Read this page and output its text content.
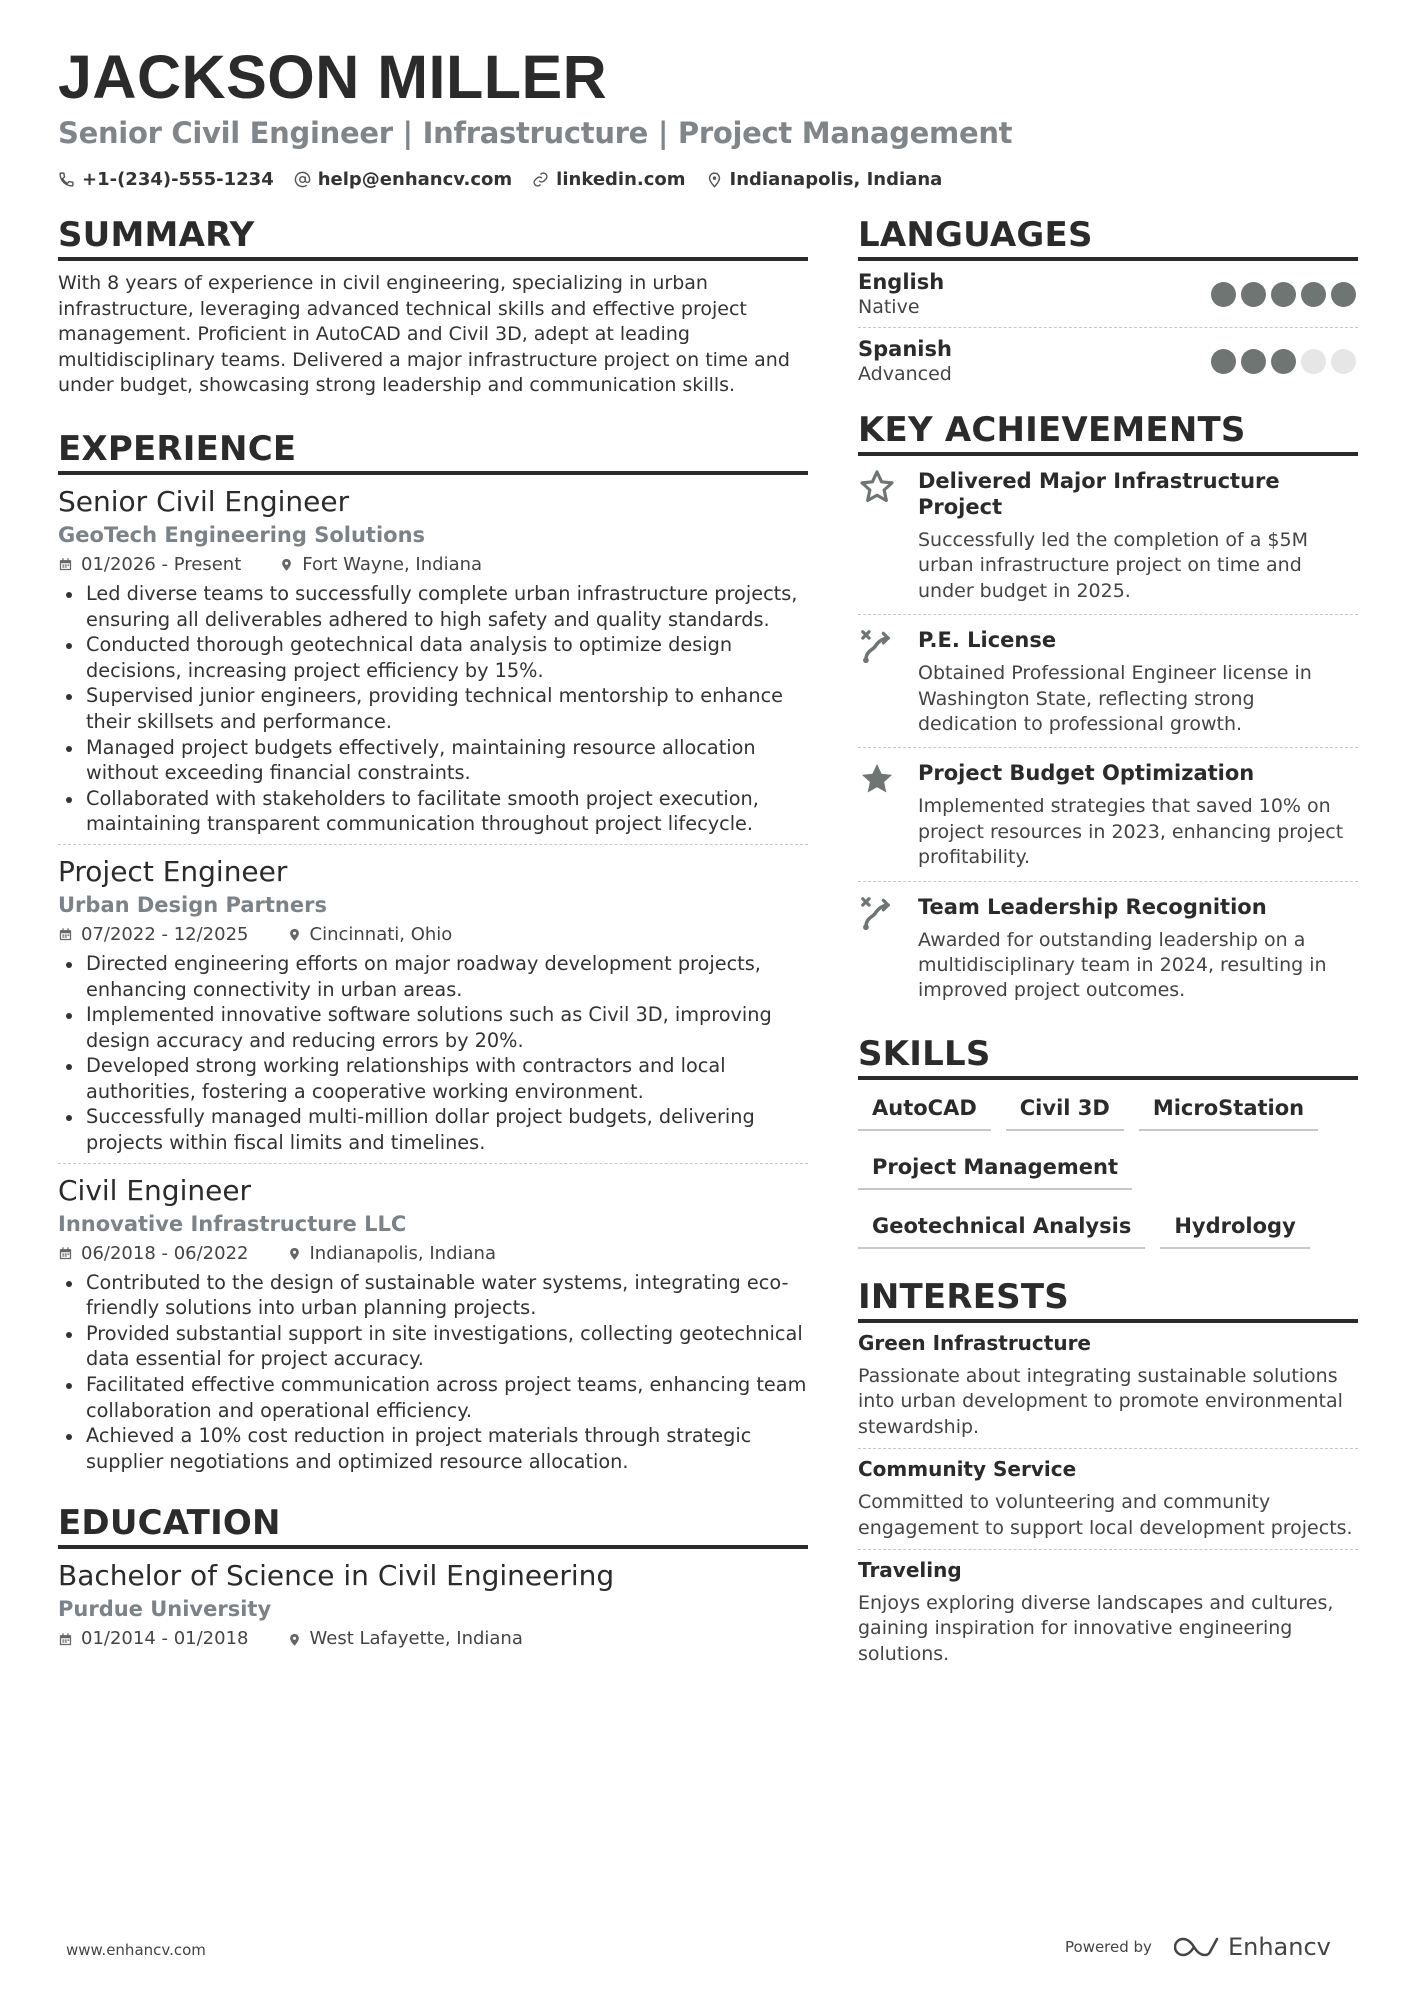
JACKSON MILLER
Senior Civil Engineer | Infrastructure | Project Management
+1-(234)-555-1234 help@enhancv.com linkedin.com Indianapolis, Indiana
SUMMARY
With 8 years of experience in civil engineering, specializing in urban infrastructure, leveraging advanced technical skills and effective project management. Proficient in AutoCAD and Civil 3D, adept at leading multidisciplinary teams. Delivered a major infrastructure project on time and under budget, showcasing strong leadership and communication skills.
EXPERIENCE
Senior Civil Engineer
GeoTech Engineering Solutions
01/2026 - Present	Fort Wayne, Indiana
Led diverse teams to successfully complete urban infrastructure projects, ensuring all deliverables adhered to high safety and quality standards.
Conducted thorough geotechnical data analysis to optimize design decisions, increasing project efficiency by 15%.
Supervised junior engineers, providing technical mentorship to enhance their skillsets and performance.
Managed project budgets effectively, maintaining resource allocation without exceeding financial constraints.
Collaborated with stakeholders to facilitate smooth project execution, maintaining transparent communication throughout project lifecycle.
Project Engineer
Urban Design Partners
07/2022 - 12/2025	Cincinnati, Ohio
Directed engineering efforts on major roadway development projects, enhancing connectivity in urban areas.
Implemented innovative software solutions such as Civil 3D, improving design accuracy and reducing errors by 20%.
Developed strong working relationships with contractors and local authorities, fostering a cooperative working environment.
Successfully managed multi-million dollar project budgets, delivering projects within fiscal limits and timelines.
Civil Engineer
Innovative Infrastructure LLC
06/2018 - 06/2022	Indianapolis, Indiana
Contributed to the design of sustainable water systems, integrating eco-friendly solutions into urban planning projects.
Provided substantial support in site investigations, collecting geotechnical data essential for project accuracy.
Facilitated effective communication across project teams, enhancing team collaboration and operational efficiency.
Achieved a 10% cost reduction in project materials through strategic supplier negotiations and optimized resource allocation.
EDUCATION
Bachelor of Science in Civil Engineering
Purdue University
01/2014 - 01/2018	West Lafayette, Indiana
LANGUAGES
English
Native
Spanish
Advanced
KEY ACHIEVEMENTS
Delivered Major Infrastructure Project
Successfully led the completion of a $5M urban infrastructure project on time and under budget in 2025.
P.E. License
Obtained Professional Engineer license in Washington State, reflecting strong dedication to professional growth.
Project Budget Optimization
Implemented strategies that saved 10% on project resources in 2023, enhancing project profitability.
Team Leadership Recognition
Awarded for outstanding leadership on a multidisciplinary team in 2024, resulting in improved project outcomes.
SKILLS
AutoCAD	Civil 3D	MicroStation
Project Management
Geotechnical Analysis	Hydrology
INTERESTS
Green Infrastructure
Passionate about integrating sustainable solutions into urban development to promote environmental stewardship.
Community Service
Committed to volunteering and community engagement to support local development projects.
Traveling
Enjoys exploring diverse landscapes and cultures, gaining inspiration for innovative engineering solutions.
www.enhancv.com	Powered by	Enhancv
